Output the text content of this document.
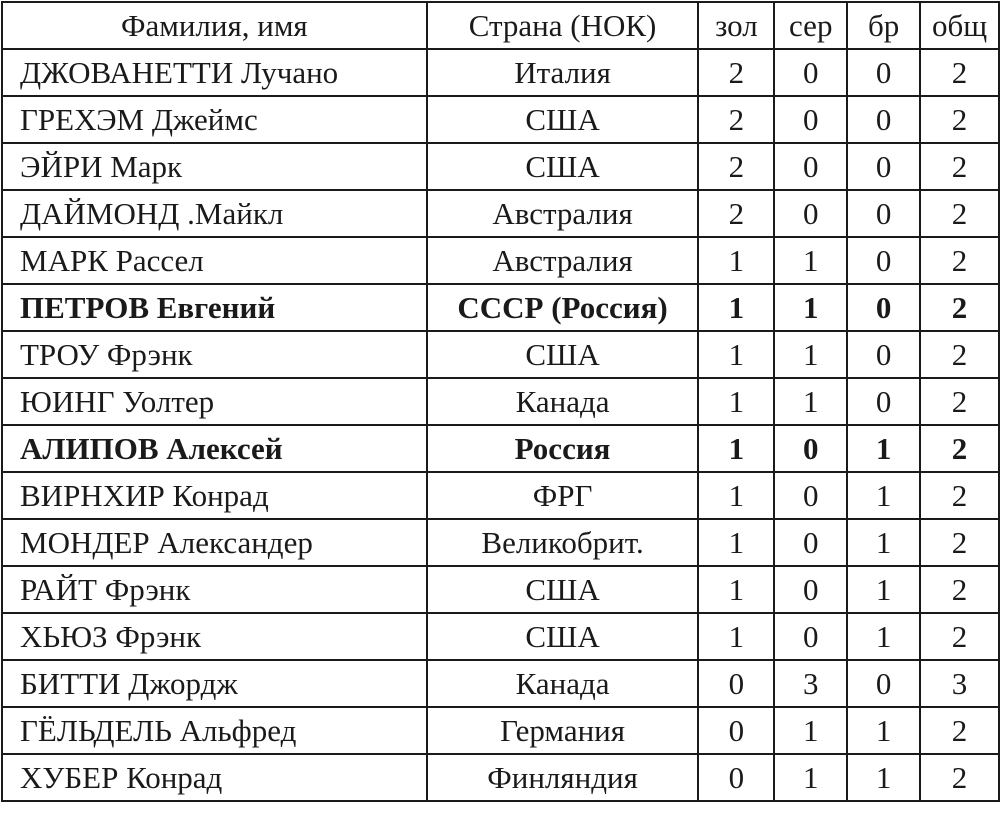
Фамилия, имя	Страна (НОК)	зол	сер	бр	общ
ДЖОВАНЕТТИ Лучано	Италия	2	0	0	2
ГРЕХЭМ Джеймс	США	2	0	0	2
ЭЙРИ Марк	США	2	0	0	2
ДАЙМОНД .Майкл	Австралия	2	0	0	2
МАРК Рассел	Австралия	1	1	0	2
ПЕТРОВ Евгений	СССР (Россия)	1	1	0	2
ТРОУ Фрэнк	США	1	1	0	2
ЮИНГ Уолтер	Канада	1	1	0	2
АЛИПОВ Алексей	Россия	1	0	1	2
ВИРНХИР Конрад	ФРГ	1	0	1	2
МОНДЕР Александер	Великобрит.	1	0	1	2
РАЙТ Фрэнк	США	1	0	1	2
ХЬЮЗ Фрэнк	США	1	0	1	2
БИТТИ Джордж	Канада	0	3	0	3
ГЁЛЬДЕЛЬ Альфред	Германия	0	1	1	2
ХУБЕР Конрад	Финляндия	0	1	1	2
